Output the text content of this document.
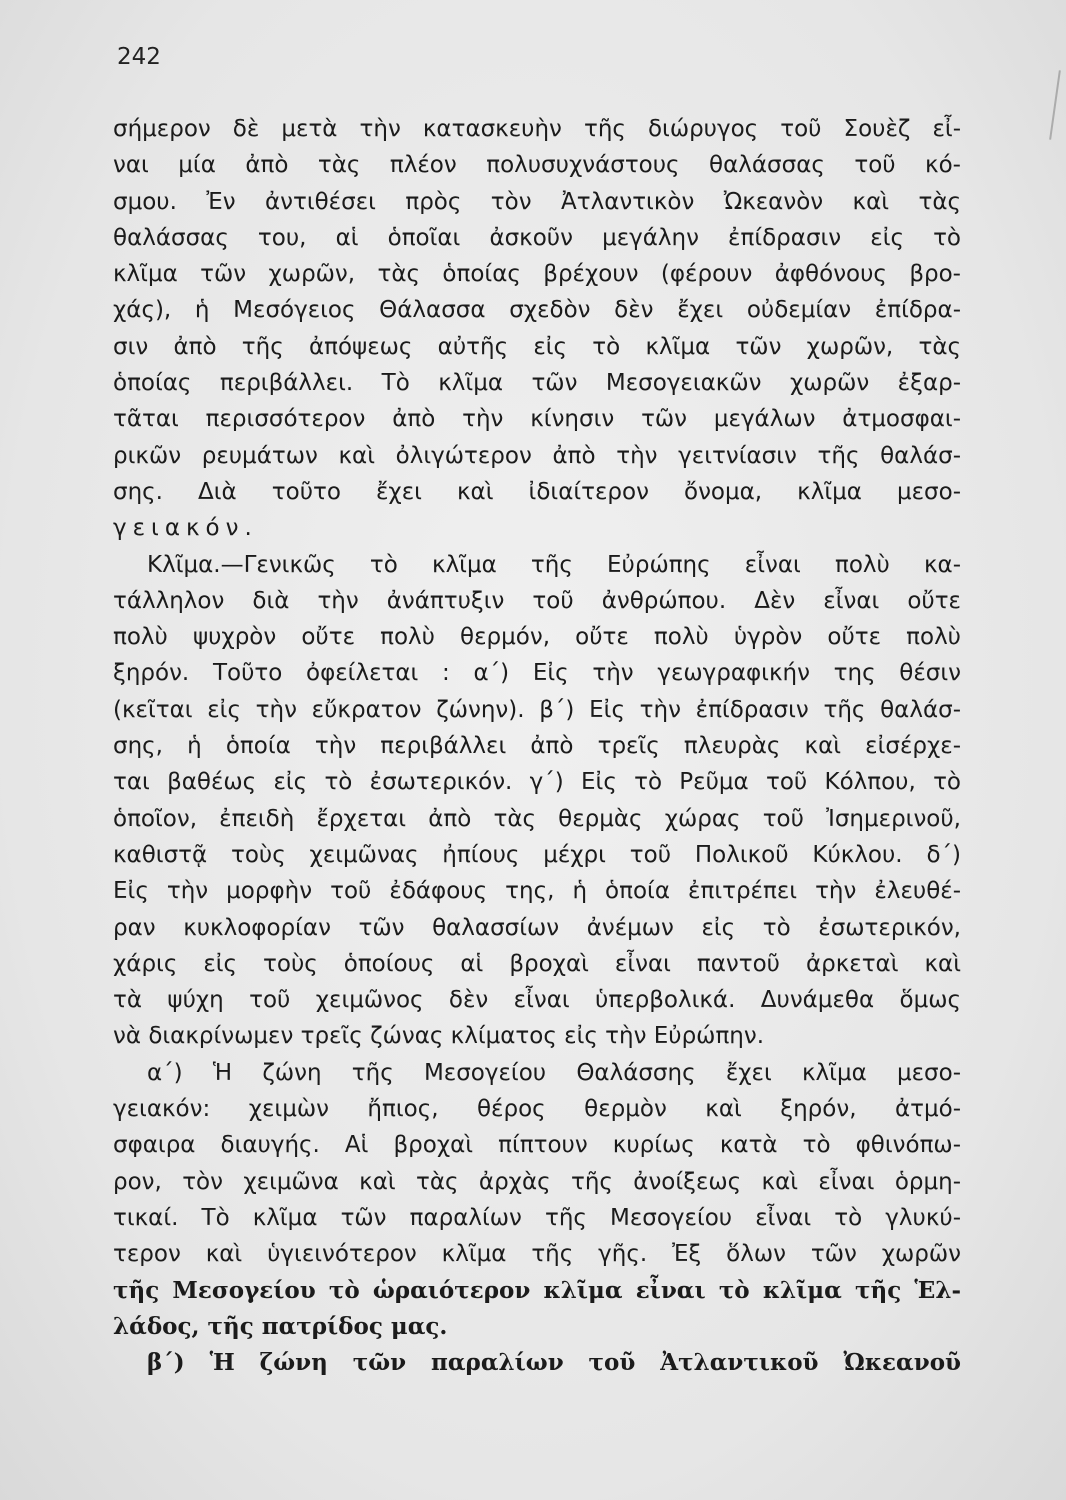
242
σήμερον δὲ μετὰ τὴν κατασκευὴν τῆς διώρυγος τοῦ Σουὲζ εἶ-
ναι μία ἀπὸ τὰς πλέον πολυσυχνάστους θαλάσσας τοῦ κό-
σμου. Ἐν ἀντιθέσει πρὸς τὸν Ἀτλαντικὸν Ὠκεανὸν καὶ τὰς
θαλάσσας του, αἱ ὁποῖαι ἀσκοῦν μεγάλην ἐπίδρασιν εἰς τὸ
κλῖμα τῶν χωρῶν, τὰς ὁποίας βρέχουν (φέρουν ἀφθόνους βρο-
χάς), ἡ Μεσόγειος Θάλασσα σχεδὸν δὲν ἔχει οὐδεμίαν ἐπίδρα-
σιν ἀπὸ τῆς ἀπόψεως αὐτῆς εἰς τὸ κλῖμα τῶν χωρῶν, τὰς
ὁποίας περιβάλλει. Τὸ κλῖμα τῶν Μεσογειακῶν χωρῶν ἐξαρ-
τᾶται περισσότερον ἀπὸ τὴν κίνησιν τῶν μεγάλων ἀτμοσφαι-
ρικῶν ρευμάτων καὶ ὀλιγώτερον ἀπὸ τὴν γειτνίασιν τῆς θαλάσ-
σης. Διὰ τοῦτο ἔχει καὶ ἰδιαίτερον ὄνομα, κλῖμα μεσο-
γειακόν.
Κλῖμα.—Γενικῶς τὸ κλῖμα τῆς Εὐρώπης εἶναι πολὺ κα-
τάλληλον διὰ τὴν ἀνάπτυξιν τοῦ ἀνθρώπου. Δὲν εἶναι οὔτε
πολὺ ψυχρὸν οὔτε πολὺ θερμόν, οὔτε πολὺ ὑγρὸν οὔτε πολὺ
ξηρόν. Τοῦτο ὀφείλεται : α΄) Εἰς τὴν γεωγραφικήν της θέσιν
(κεῖται εἰς τὴν εὔκρατον ζώνην). β΄) Εἰς τὴν ἐπίδρασιν τῆς θαλάσ-
σης, ἡ ὁποία τὴν περιβάλλει ἀπὸ τρεῖς πλευρὰς καὶ εἰσέρχε-
ται βαθέως εἰς τὸ ἐσωτερικόν. γ΄) Εἰς τὸ Ρεῦμα τοῦ Κόλπου, τὸ
ὁποῖον, ἐπειδὴ ἔρχεται ἀπὸ τὰς θερμὰς χώρας τοῦ Ἰσημερινοῦ,
καθιστᾷ τοὺς χειμῶνας ἠπίους μέχρι τοῦ Πολικοῦ Κύκλου. δ΄)
Εἰς τὴν μορφὴν τοῦ ἐδάφους της, ἡ ὁποία ἐπιτρέπει τὴν ἐλευθέ-
ραν κυκλοφορίαν τῶν θαλασσίων ἀνέμων εἰς τὸ ἐσωτερικόν,
χάρις εἰς τοὺς ὁποίους αἱ βροχαὶ εἶναι παντοῦ ἀρκεταὶ καὶ
τὰ ψύχη τοῦ χειμῶνος δὲν εἶναι ὑπερβολικά. Δυνάμεθα ὅμως
νὰ διακρίνωμεν τρεῖς ζώνας κλίματος εἰς τὴν Εὐρώπην.
α΄) Ἡ ζώνη τῆς Μεσογείου Θαλάσσης ἔχει κλῖμα μεσο-
γειακόν: χειμὼν ἤπιος, θέρος θερμὸν καὶ ξηρόν, ἀτμό-
σφαιρα διαυγής. Αἱ βροχαὶ πίπτουν κυρίως κατὰ τὸ φθινόπω-
ρον, τὸν χειμῶνα καὶ τὰς ἀρχὰς τῆς ἀνοίξεως καὶ εἶναι ὁρμη-
τικαί. Τὸ κλῖμα τῶν παραλίων τῆς Μεσογείου εἶναι τὸ γλυκύ-
τερον καὶ ὑγιεινότερον κλῖμα τῆς γῆς. Ἐξ ὅλων τῶν χωρῶν
τῆς Μεσογείου τὸ ὡραιότερον κλῖμα εἶναι τὸ κλῖμα τῆς Ἑλ-
λάδος, τῆς πατρίδος μας.
β΄) Ἡ ζώνη τῶν παραλίων τοῦ Ἀτλαντικοῦ Ὠκεανοῦ
